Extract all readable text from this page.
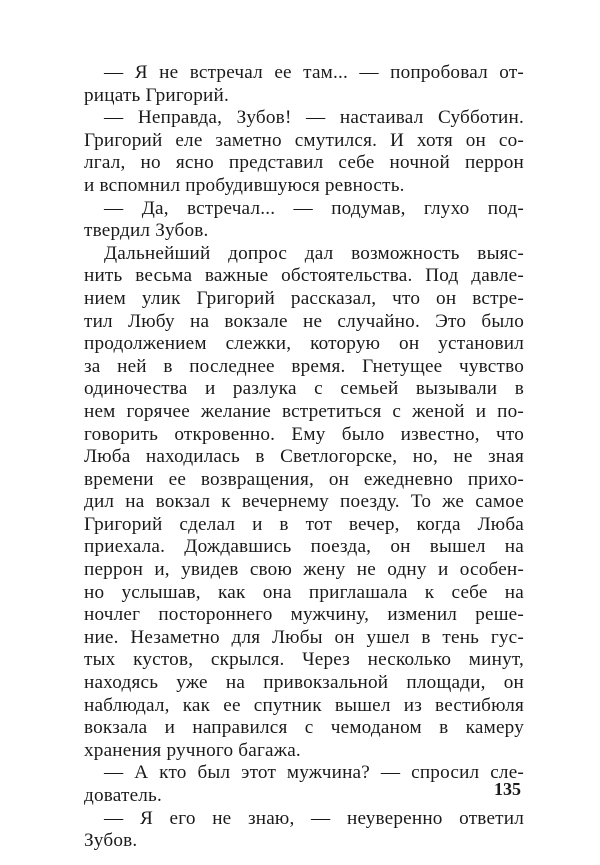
— Я не встречал ее там... — попробовал от-
рицать Григорий.
— Неправда, Зубов! — настаивал Субботин.
Григорий еле заметно смутился. И хотя он со-
лгал, но ясно представил себе ночной перрон
и вспомнил пробудившуюся ревность.
— Да, встречал... — подумав, глухо под-
твердил Зубов.
Дальнейший допрос дал возможность выяс-
нить весьма важные обстоятельства. Под давле-
нием улик Григорий рассказал, что он встре-
тил Любу на вокзале не случайно. Это было
продолжением слежки, которую он установил
за ней в последнее время. Гнетущее чувство
одиночества и разлука с семьей вызывали в
нем горячее желание встретиться с женой и по-
говорить откровенно. Ему было известно, что
Люба находилась в Светлогорске, но, не зная
времени ее возвращения, он ежедневно прихо-
дил на вокзал к вечернему поезду. То же самое
Григорий сделал и в тот вечер, когда Люба
приехала. Дождавшись поезда, он вышел на
перрон и, увидев свою жену не одну и особен-
но услышав, как она приглашала к себе на
ночлег постороннего мужчину, изменил реше-
ние. Незаметно для Любы он ушел в тень гус-
тых кустов, скрылся. Через несколько минут,
находясь уже на привокзальной площади, он
наблюдал, как ее спутник вышел из вестибюля
вокзала и направился с чемоданом в камеру
хранения ручного багажа.
— А кто был этот мужчина? — спросил сле-
дователь.
— Я его не знаю, — неуверенно ответил
Зубов.
135
